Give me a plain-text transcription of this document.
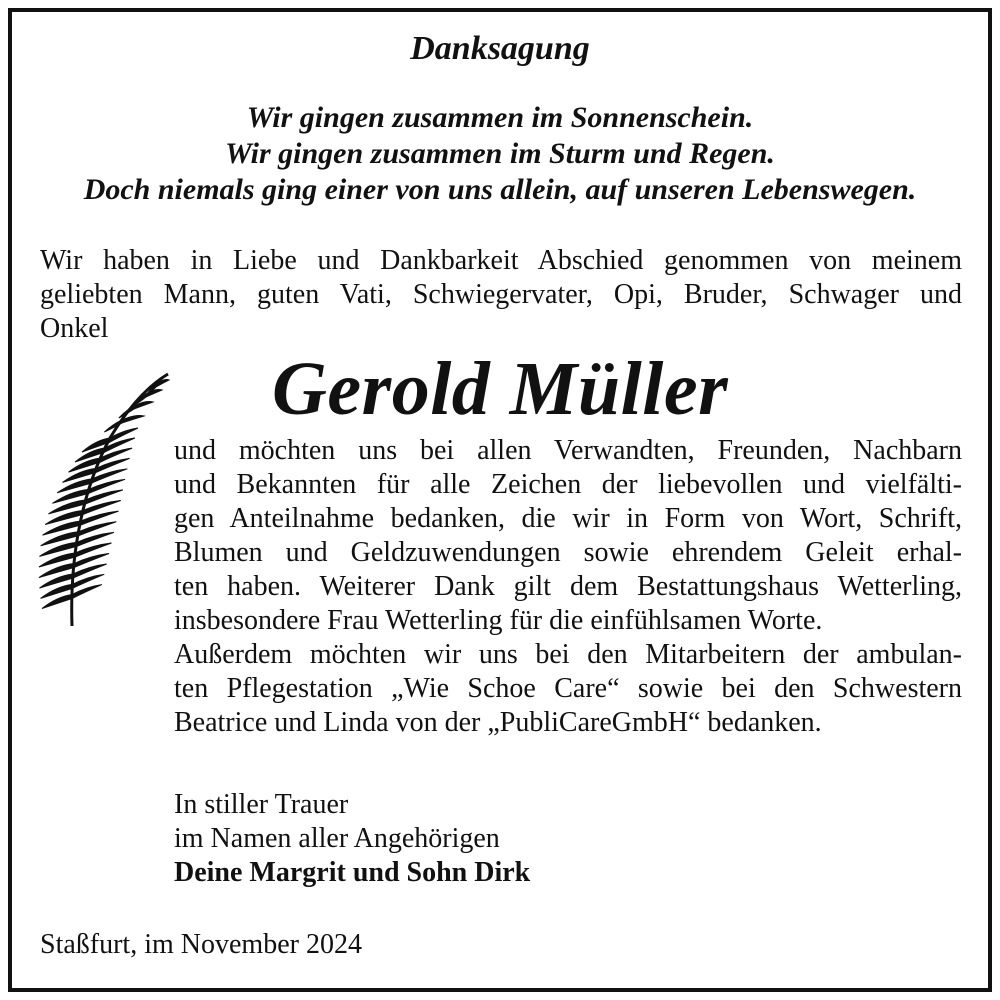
Danksagung
Wir gingen zusammen im Sonnenschein.
Wir gingen zusammen im Sturm und Regen.
Doch niemals ging einer von uns allein, auf unseren Lebenswegen.
Wir haben in Liebe und Dankbarkeit Abschied genommen von meinem
geliebten Mann, guten Vati, Schwiegervater, Opi, Bruder, Schwager und
Onkel
Gerold Müller
und möchten uns bei allen Verwandten, Freunden, Nachbarn
und Bekannten für alle Zeichen der liebevollen und vielfälti-
gen Anteilnahme bedanken, die wir in Form von Wort, Schrift,
Blumen und Geldzuwendungen sowie ehrendem Geleit erhal-
ten haben. Weiterer Dank gilt dem Bestattungshaus Wetterling,
insbesondere Frau Wetterling für die einfühlsamen Worte.
Außerdem möchten wir uns bei den Mitarbeitern der ambulan-
ten Pflegestation „Wie Schoe Care“ sowie bei den Schwestern
Beatrice und Linda von der „PubliCareGmbH“ bedanken.
In stiller Trauer
im Namen aller Angehörigen
Deine Margrit und Sohn Dirk
Staßfurt, im November 2024
